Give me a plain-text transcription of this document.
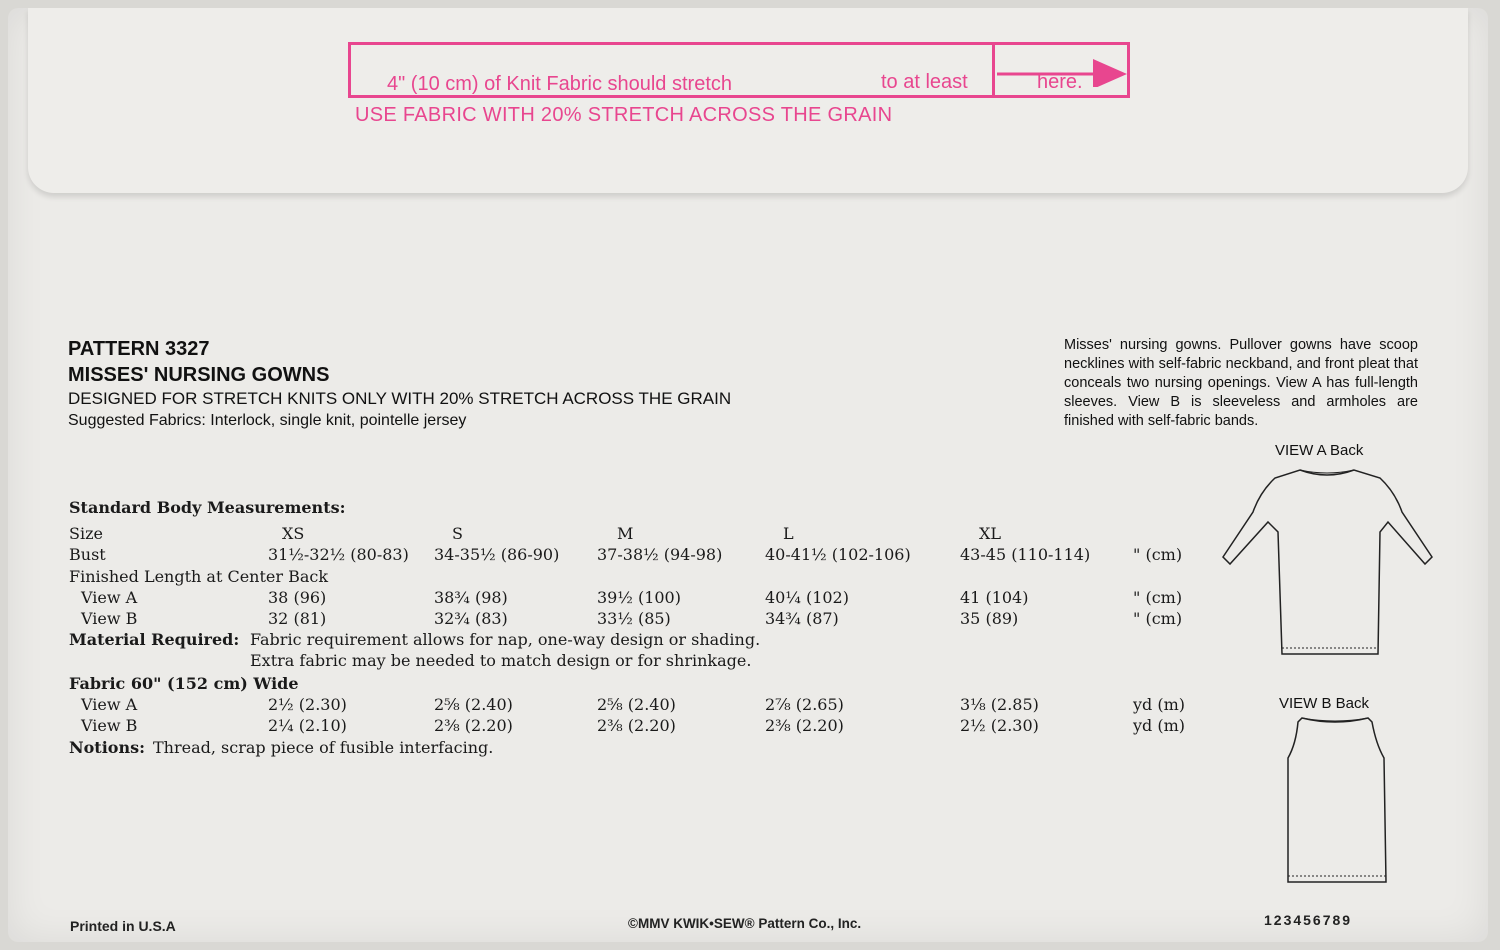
4" (10 cm) of Knit Fabric should stretch	to at least	here.
USE FABRIC WITH 20% STRETCH ACROSS THE GRAIN
PATTERN 3327
MISSES' NURSING GOWNS
DESIGNED FOR STRETCH KNITS ONLY WITH 20% STRETCH ACROSS THE GRAIN
Suggested Fabrics: Interlock, single knit, pointelle jersey
Misses' nursing gowns. Pullover gowns have scoop necklines with self-fabric neckband, and front pleat that conceals two nursing openings. View A has full-length sleeves. View B is sleeveless and armholes are finished with self-fabric bands.
VIEW A Back
VIEW B Back
Standard Body Measurements:
Size	XS	S	M	L	XL
Bust	31½-32½ (80-83) 34-35½ (86-90) 37-38½ (94-98)	40-41½ (102-106)	43-45 (110-114)	" (cm)
Finished Length at Center Back
View A	38 (96)	38¾ (98)	39½ (100)	40¼ (102)	41 (104)	" (cm)
View B	32 (81)	32¾ (83)	33½ (85)	34¾ (87)	35 (89)	" (cm)
Material Required: Fabric requirement allows for nap, one-way design or shading.
Extra fabric may be needed to match design or for shrinkage.
Fabric 60" (152 cm) Wide
View A	2½ (2.30)	2⅝ (2.40)	2⅝ (2.40)	2⅞ (2.65)	3⅛ (2.85)	yd (m)
View B	2¼ (2.10)	2⅜ (2.20)	2⅜ (2.20)	2⅜ (2.20)	2½ (2.30)	yd (m)
Notions: Thread, scrap piece of fusible interfacing.
Printed in U.S.A	©MMV KWIK•SEW® Pattern Co., Inc.	123456789
